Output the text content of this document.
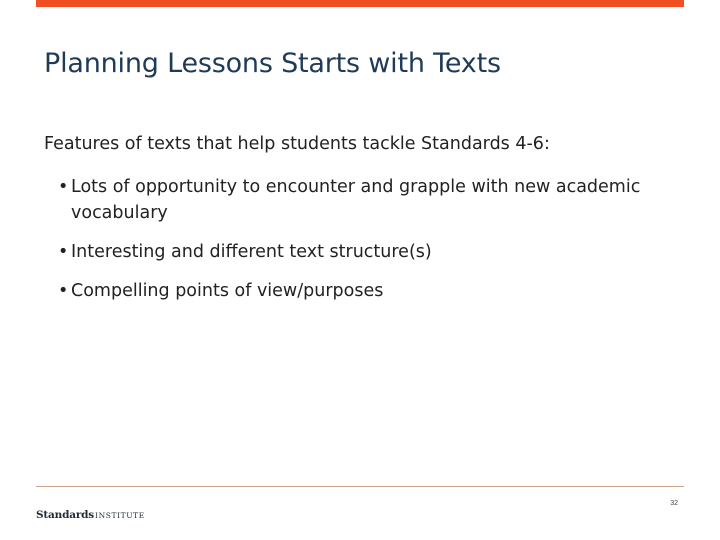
Planning Lessons Starts with Texts
Features of texts that help students tackle Standards 4-6:
• Lots of opportunity to encounter and grapple with new academic vocabulary
• Interesting and different text structure(s)
• Compelling points of view/purposes
StandardsINSTITUTE
32
